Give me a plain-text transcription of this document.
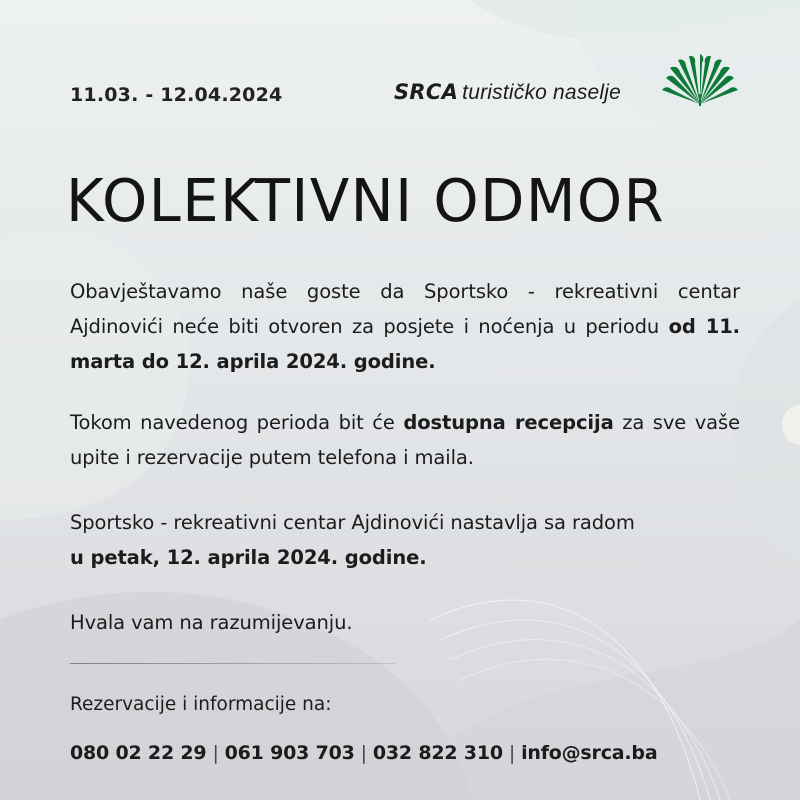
11.03. - 12.04.2024	SRCA turističko naselje
KOLEKTIVNI ODMOR
Obavještavamo naše goste da Sportsko - rekreativni centar Ajdinovići neće biti otvoren za posjete i noćenja u periodu od 11. marta do 12. aprila 2024. godine.
Tokom navedenog perioda bit će dostupna recepcija za sve vaše upite i rezervacije putem telefona i maila.
Sportsko - rekreativni centar Ajdinovići nastavlja sa radom
u petak, 12. aprila 2024. godine.
Hvala vam na razumijevanju.
Rezervacije i informacije na:
080 02 22 29 | 061 903 703 | 032 822 310 | info@srca.ba
